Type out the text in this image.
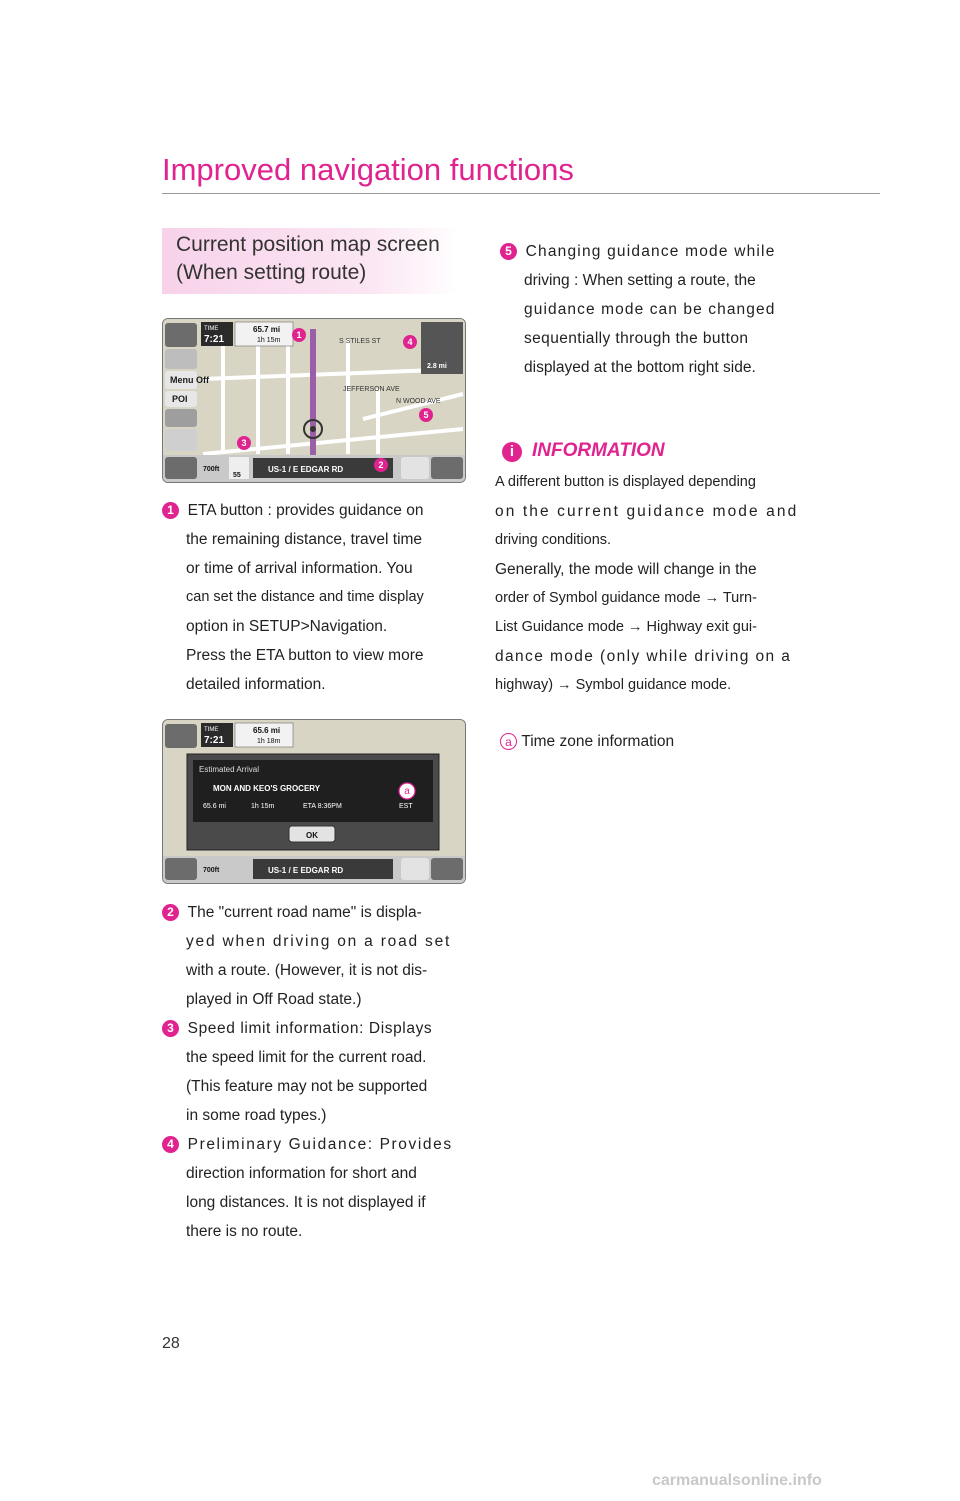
Improved navigation functions
Current position map screen
(When setting route)
Menu Off
POI
TIME
7:21
65.7 mi
1h 15m
2.8 mi
S STILES ST
JEFFERSON AVE
N WOOD AVE
700ft
55
US-1 / E EDGAR RD
1
4
5
3
2
1 ETA button : provides guidance on
the remaining distance, travel time
or time of arrival information. You
can set the distance and time display
option in SETUP>Navigation.
Press the ETA button to view more
detailed information.
TIME
7:21
65.6 mi
1h 18m
Estimated Arrival
MON AND KEO'S GROCERY
65.6 mi	1h 15m	ETA 8:36PM	EST
OK
700ft	US-1 / E EDGAR RD
a
2 The "current road name" is displa-
yed when driving on a road set
with a route. (However, it is not dis-
played in Off Road state.)
3 Speed limit information: Displays
the speed limit for the current road.
(This feature may not be supported
in some road types.)
4 Preliminary Guidance: Provides
direction information for short and
long distances. It is not displayed if
there is no route.
5 Changing guidance mode while
driving : When setting a route, the
guidance mode can be changed
sequentially through the button
displayed at the bottom right side.
i INFORMATION
A different button is displayed depending
on the current guidance mode and
driving conditions.
Generally, the mode will change in the
order of Symbol guidance mode → Turn-
List Guidance mode → Highway exit gui-
dance mode (only while driving on a
highway) → Symbol guidance mode.
a Time zone information
28
carmanualsonline.info
